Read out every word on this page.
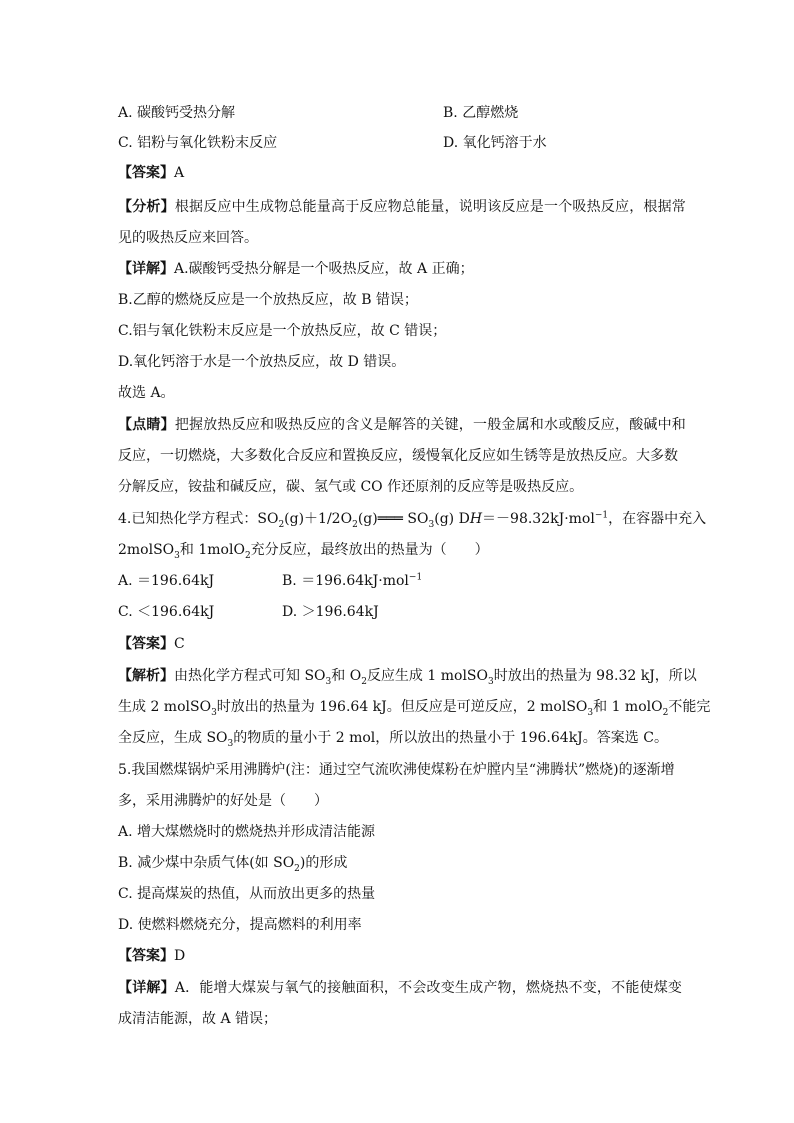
A. 碳酸钙受热分解	B. 乙醇燃烧
C. 铝粉与氧化铁粉末反应	D. 氧化钙溶于水
【答案】A
【分析】根据反应中生成物总能量高于反应物总能量，说明该反应是一个吸热反应，根据常
见的吸热反应来回答。
【详解】A.碳酸钙受热分解是一个吸热反应，故 A 正确；
B.乙醇的燃烧反应是一个放热反应，故 B 错误；
C.铝与氧化铁粉末反应是一个放热反应，故 C 错误；
D.氧化钙溶于水是一个放热反应，故 D 错误。
故选 A。
【点睛】把握放热反应和吸热反应的含义是解答的关键，一般金属和水或酸反应，酸碱中和
反应，一切燃烧，大多数化合反应和置换反应，缓慢氧化反应如生锈等是放热反应。大多数
分解反应，铵盐和碱反应，碳、氢气或 CO 作还原剂的反应等是吸热反应。
4.已知热化学方程式：$SO_2(g)+1/2O_2(g)═══$ $SO_3(g)$ DH＝－98.32kJ·mol$^{-1}$，在容器中充入
2molSO$_3$和 1molO$_2$充分反应，最终放出的热量为（　　）
A. ＝196.64kJ	B. ＝196.64kJ·mol$^{-1}$
C. ＜196.64kJ	D. ＞196.64kJ
【答案】C
【解析】由热化学方程式可知 $SO_3$和 $O_2$反应生成 1 molSO$_3$时放出的热量为 98.32 kJ，所以
生成 2 molSO$_3$时放出的热量为 196.64 kJ。但反应是可逆反应，2 molSO$_3$和 1 molO$_2$不能完
全反应，生成 $SO_3$的物质的量小于 2 mol，所以放出的热量小于 196.64kJ。答案选 C。
5.我国燃煤锅炉采用沸腾炉(注：通过空气流吹沸使煤粉在炉膛内呈“沸腾状”燃烧)的逐渐增
多，采用沸腾炉的好处是（　　）
A. 增大煤燃烧时的燃烧热并形成清洁能源
B. 减少煤中杂质气体(如 $SO_2$)的形成
C. 提高煤炭的热值，从而放出更多的热量
D. 使燃料燃烧充分，提高燃料的利用率
【答案】D
【详解】A．能增大煤炭与氧气的接触面积，不会改变生成产物，燃烧热不变，不能使煤变
成清洁能源，故 A 错误；
